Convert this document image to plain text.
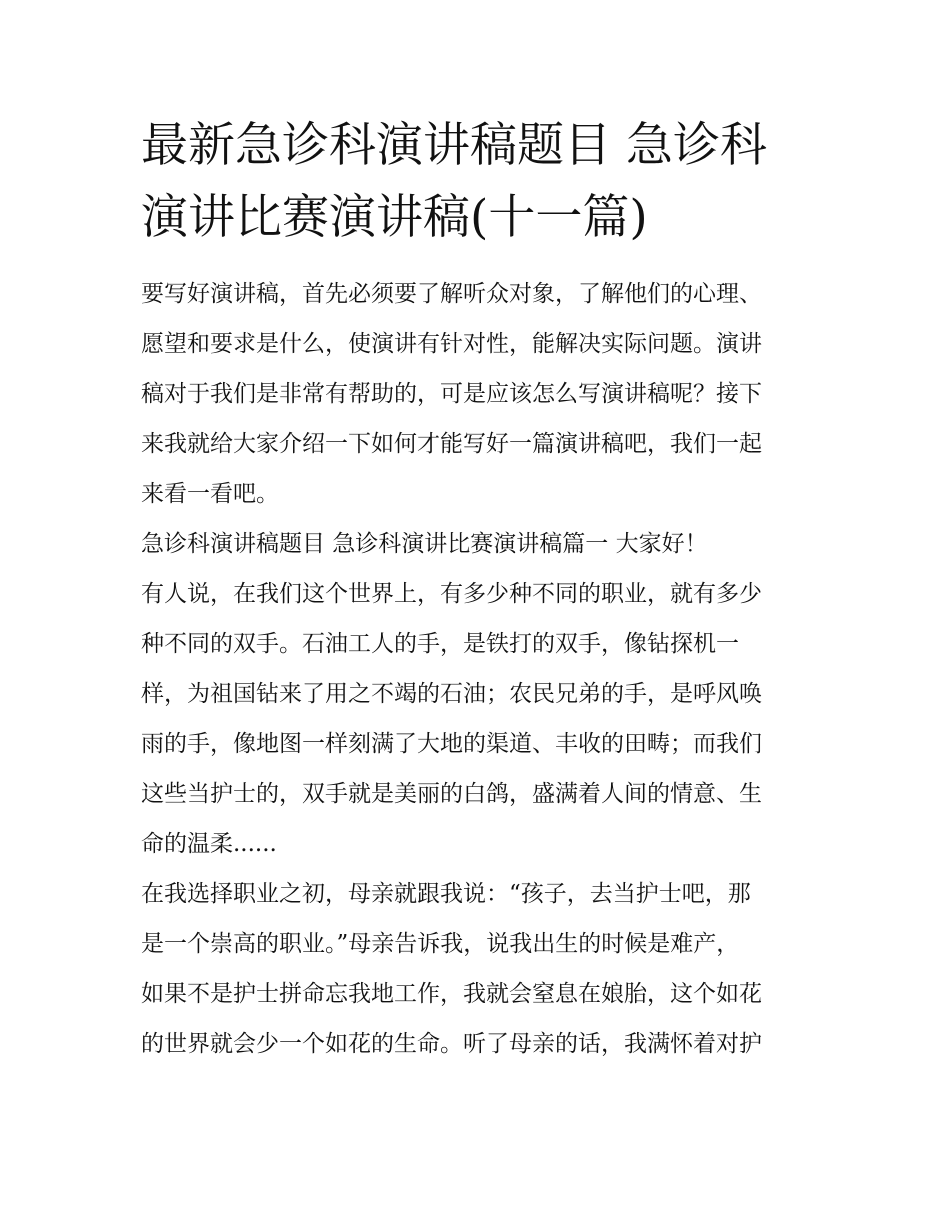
最新急诊科演讲稿题目 急诊科
演讲比赛演讲稿(十一篇)
要写好演讲稿，首先必须要了解听众对象，了解他们的心理、
愿望和要求是什么，使演讲有针对性，能解决实际问题。演讲
稿对于我们是非常有帮助的，可是应该怎么写演讲稿呢？接下
来我就给大家介绍一下如何才能写好一篇演讲稿吧，我们一起
来看一看吧。
急诊科演讲稿题目 急诊科演讲比赛演讲稿篇一 大家好！
有人说，在我们这个世界上，有多少种不同的职业，就有多少
种不同的双手。石油工人的手，是铁打的双手，像钻探机一
样，为祖国钻来了用之不竭的石油；农民兄弟的手，是呼风唤
雨的手，像地图一样刻满了大地的渠道、丰收的田畴；而我们
这些当护士的，双手就是美丽的白鸽，盛满着人间的情意、生
命的温柔......
在我选择职业之初，母亲就跟我说：“孩子，去当护士吧，那
是一个崇高的职业。”母亲告诉我，说我出生的时候是难产，
如果不是护士拼命忘我地工作，我就会窒息在娘胎，这个如花
的世界就会少一个如花的生命。听了母亲的话，我满怀着对护
